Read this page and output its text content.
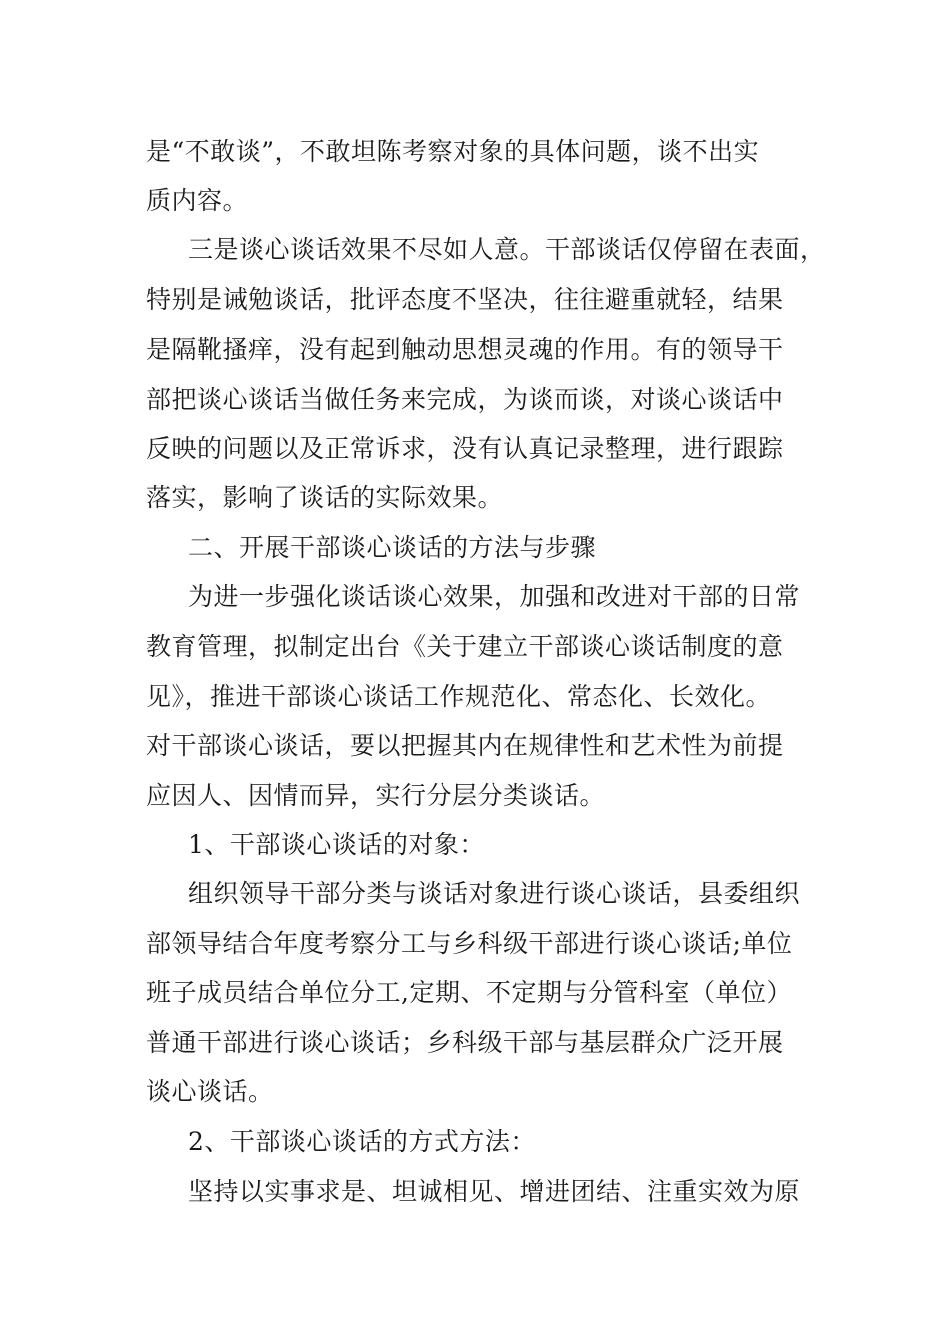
是“不敢谈”，不敢坦陈考察对象的具体问题，谈不出实
质内容。
三是谈心谈话效果不尽如人意。干部谈话仅停留在表面，
特别是诫勉谈话，批评态度不坚决，往往避重就轻，结果
是隔靴搔痒，没有起到触动思想灵魂的作用。有的领导干
部把谈心谈话当做任务来完成，为谈而谈，对谈心谈话中
反映的问题以及正常诉求，没有认真记录整理，进行跟踪
落实，影响了谈话的实际效果。
二、开展干部谈心谈话的方法与步骤
为进一步强化谈话谈心效果，加强和改进对干部的日常
教育管理，拟制定出台《关于建立干部谈心谈话制度的意
见》，推进干部谈心谈话工作规范化、常态化、长效化。
对干部谈心谈话，要以把握其内在规律性和艺术性为前提
应因人、因情而异，实行分层分类谈话。
1、干部谈心谈话的对象：
组织领导干部分类与谈话对象进行谈心谈话，县委组织
部领导结合年度考察分工与乡科级干部进行谈心谈话;单位
班子成员结合单位分工,定期、不定期与分管科室（单位）
普通干部进行谈心谈话；乡科级干部与基层群众广泛开展
谈心谈话。
2、干部谈心谈话的方式方法：
坚持以实事求是、坦诚相见、增进团结、注重实效为原
